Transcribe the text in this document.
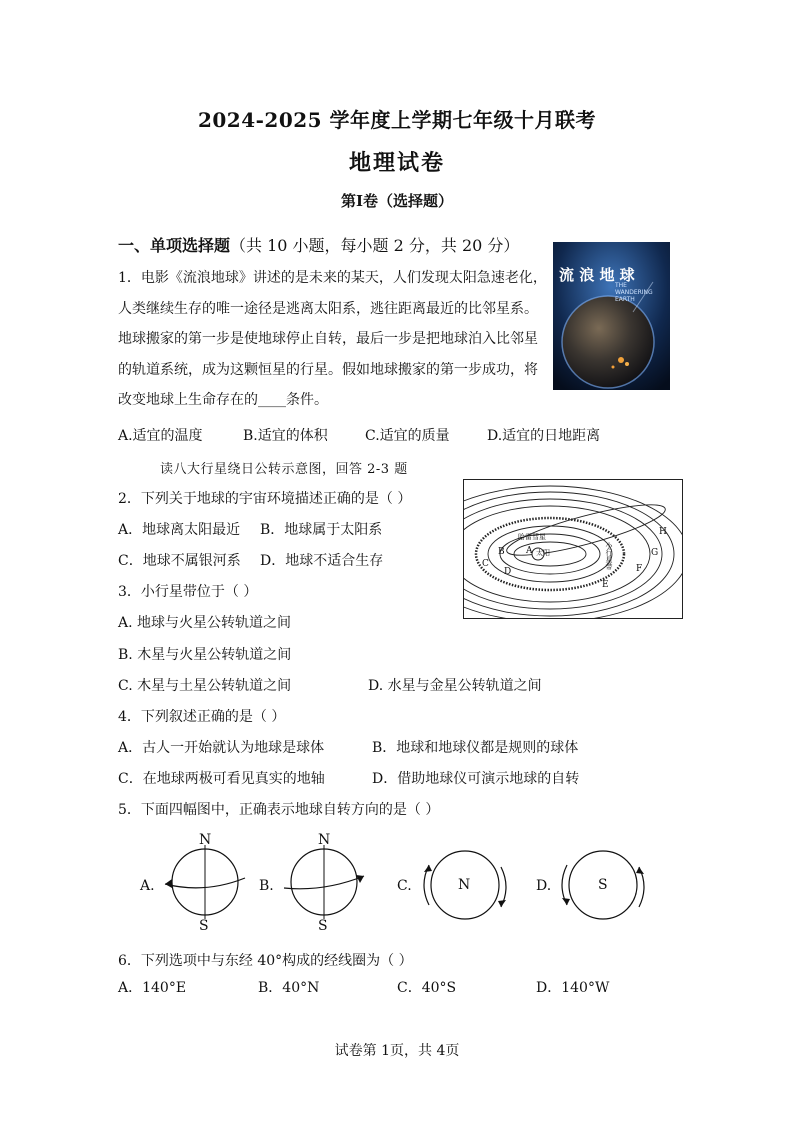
2024-2025 学年度上学期七年级十月联考
地理试卷
第Ⅰ卷（选择题）
一、单项选择题（共 10 小题，每小题 2 分，共 20 分）
1．电影《流浪地球》讲述的是未来的某天，人们发现太阳急速老化，
人类继续生存的唯一途径是逃离太阳系，逃往距离最近的比邻星系。
地球搬家的第一步是使地球停止自转，最后一步是把地球泊入比邻星
的轨道系统，成为这颗恒星的行星。假如地球搬家的第一步成功，将
改变地球上生命存在的____条件。
流 浪 地 球
THE
WANDERING
EARTH
A.适宜的温度	B.适宜的体积	C.适宜的质量	D.适宜的日地距离
读八大行星绕日公转示意图，回答 2-3 题
2．下列关于地球的宇宙环境描述正确的是（ ）
A．地球离太阳最近 B．地球属于太阳系
C．地球不属银河系 D．地球不适合生存
哈雷彗星
太阳	小行星带
A
B
C
D
E
F
G
H
3．小行星带位于（ ）
A. 地球与火星公转轨道之间
B. 木星与火星公转轨道之间
C. 木星与土星公转轨道之间	D. 水星与金星公转轨道之间
4．下列叙述正确的是（ ）
A．古人一开始就认为地球是球体	B．地球和地球仪都是规则的球体
C．在地球两极可看见真实的地轴	D．借助地球仪可演示地球的自转
5．下面四幅图中，正确表示地球自转方向的是（ ）
A.
N
S
B.
N
S
C.	N	D.	S
6．下列选项中与东经 40°构成的经线圈为（ ）
A．140°E	B．40°N	C．40°S	D．140°W
试卷第 1页，共 4页
